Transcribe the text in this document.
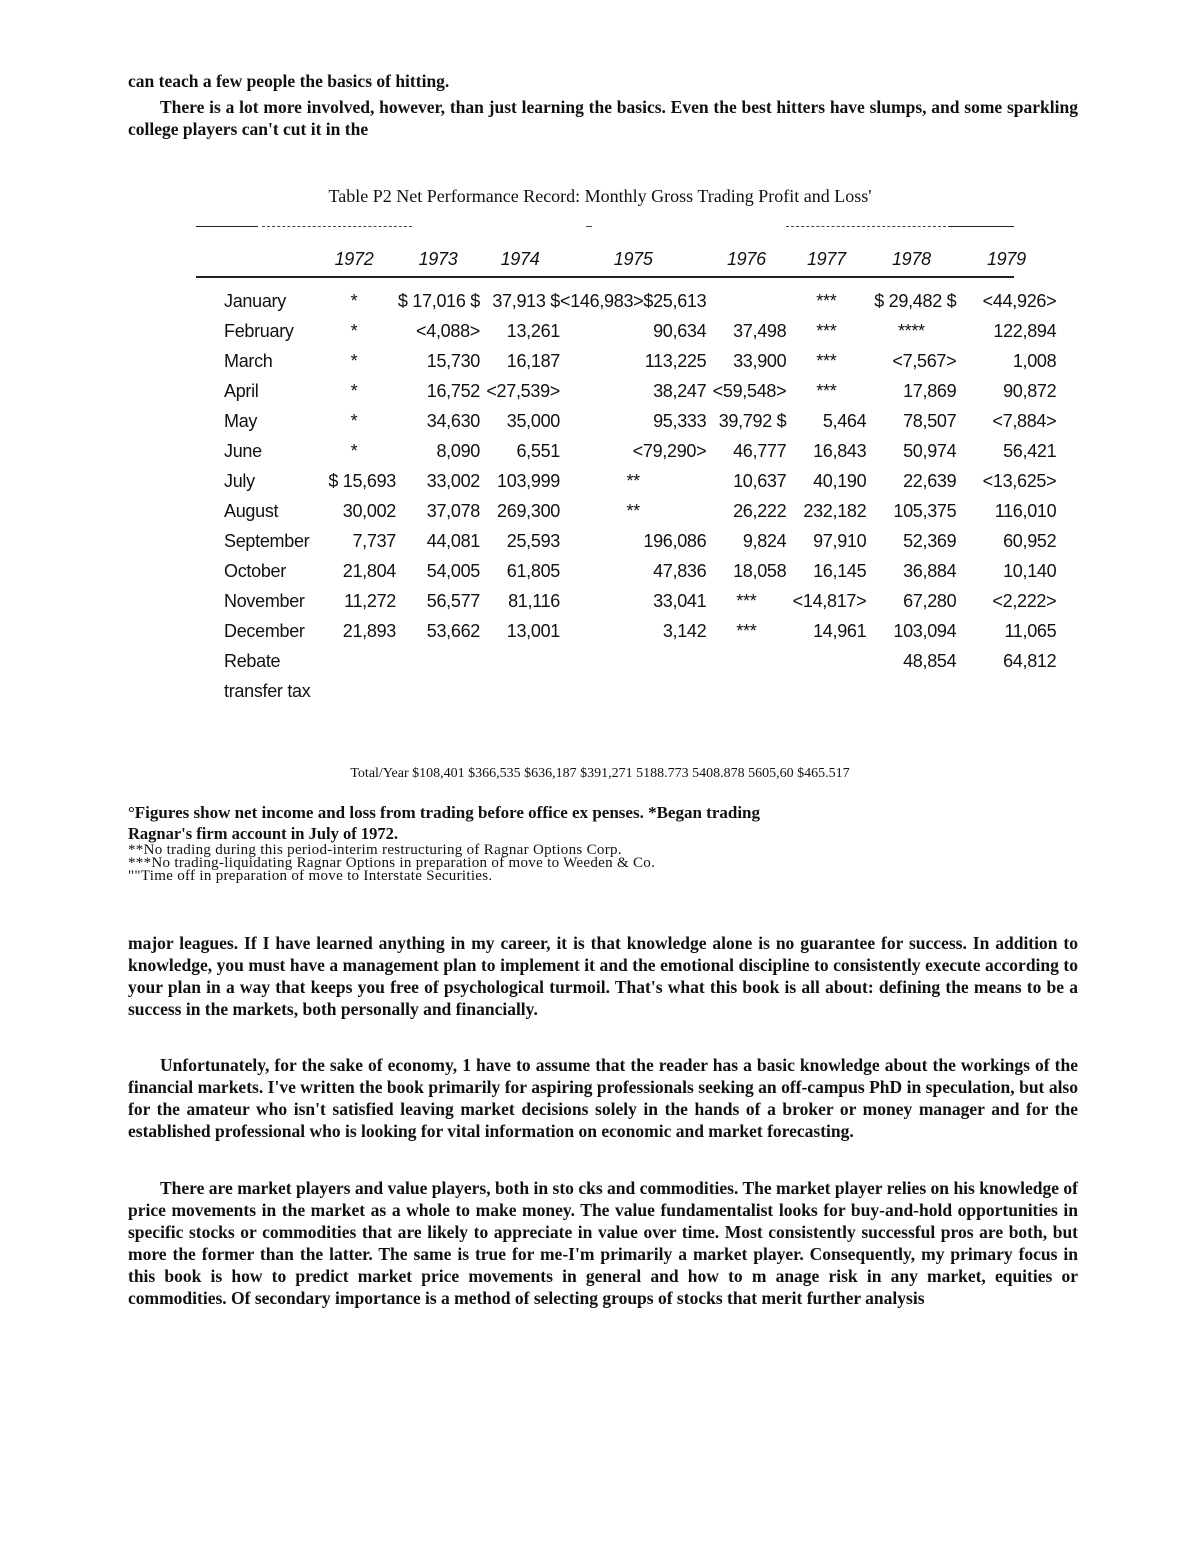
can teach a few people the basics of hitting.

There is a lot more involved, however, than just learning the basics. Even the best hitters have slumps, and some sparkling college players can't cut it in the

Table P2 Net Performance Record: Monthly Gross Trading Profit and Loss'

	1972	1973	1974	1975	1976	1977	1978	1979

January	*	$ 17,016 $	37,913 $	<146,983>$25,613		***	$ 29,482 $	<44,926>
February	*	<4,088>	13,261	90,634	37,498	***	****	122,894
March	*	15,730	16,187	113,225	33,900	***	<7,567>	1,008
April	*	16,752	<27,539>	38,247	<59,548>	***	17,869	90,872
May	*	34,630	35,000	95,333	39,792 $	5,464	78,507	<7,884>
June	*	8,090	6,551	<79,290>	46,777	16,843	50,974	56,421
July	$ 15,693	33,002	103,999	**	10,637	40,190	22,639	<13,625>
August	30,002	37,078	269,300	**	26,222	232,182	105,375	116,010
September	7,737	44,081	25,593	196,086	9,824	97,910	52,369	60,952
October	21,804	54,005	61,805	47,836	18,058	16,145	36,884	10,140
November	11,272	56,577	81,116	33,041	***	<14,817>	67,280	<2,222>
December	21,893	53,662	13,001	3,142	***	14,961	103,094	11,065
Rebate							48,854	64,812
transfer tax								

Total/Year $108,401 $366,535 $636,187 $391,271 5188.773 5408.878 5605,60 $465.517

°Figures show net income and loss from trading before office ex penses. *Began trading

Ragnar's firm account in July of 1972.

**No trading during this period-interim restructuring of Ragnar Options Corp.

***No trading-liquidating Ragnar Options in preparation of move to Weeden & Co.

""Time off in preparation of move to Interstate Securities.

major leagues. If I have learned anything in my career, it is that knowledge alone is no guarantee for success. In addition to knowledge, you must have a management plan to implement it and the emotional discipline to consistently execute according to your plan in a way that keeps you free of psychological turmoil. That's what this book is all about: defining the means to be a success in the markets, both personally and financially.

Unfortunately, for the sake of economy, 1 have to assume that the reader has a basic knowledge about the workings of the financial markets. I've written the book primarily for aspiring professionals seeking an off-campus PhD in speculation, but also for the amateur who isn't satisfied leaving market decisions solely in the hands of a broker or money manager and for the established professional who is looking for vital information on economic and market forecasting.

There are market players and value players, both in sto cks and commodities. The market player relies on his knowledge of price movements in the market as a whole to make money. The value fundamentalist looks for buy-and-hold opportunities in specific stocks or commodities that are likely to appreciate in value over time. Most consistently successful pros are both, but more the former than the latter. The same is true for me-I'm primarily a market player. Consequently, my primary focus in this book is how to predict market price movements in general and how to m anage risk in any market, equities or commodities. Of secondary importance is a method of selecting groups of stocks that merit further analysis
